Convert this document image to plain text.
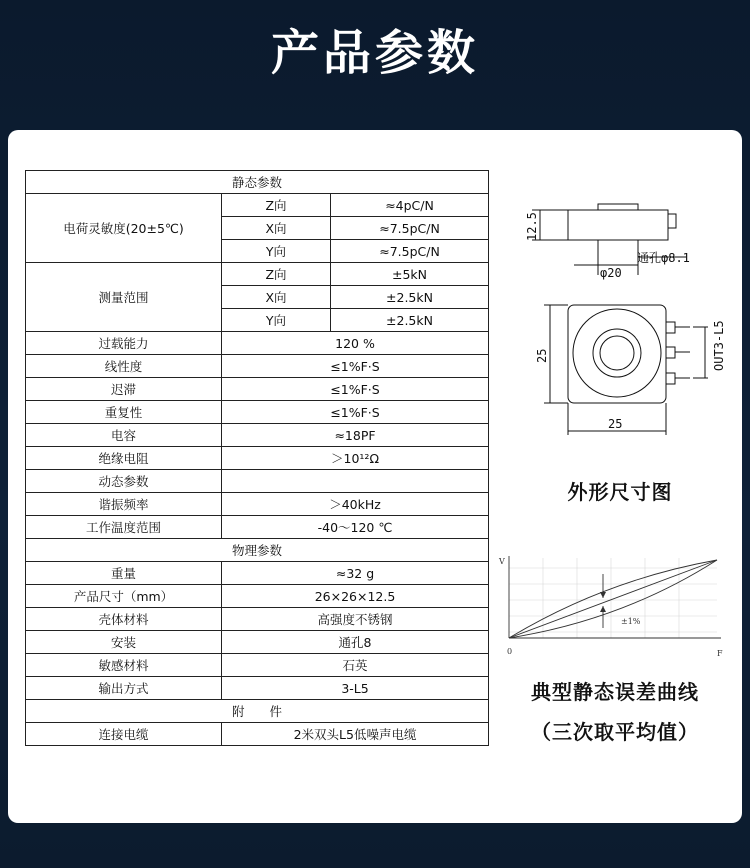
产品参数
静态参数		
电荷灵敏度(20±5℃)	Z向	≈4pC/N
	X向	≈7.5pC/N
	Y向	≈7.5pC/N
测量范围	Z向	±5kN
	X向	±2.5kN
	Y向	±2.5kN
过载能力	120 %	
线性度	≤1%F·S	
迟滞	≤1%F·S	
重复性	≤1%F·S	
电容	≈18PF	
绝缘电阻	＞10¹²Ω	
动态参数		
谐振频率	＞40kHz	
工作温度范围	-40～120 ℃	
物理参数		
重量	≈32 g	
产品尺寸（mm）	26×26×12.5	
壳体材料	高强度不锈钢	
安装	通孔8	
敏感材料	石英	
输出方式	3-L5	
附　　件		
连接电缆	2米双头L5低噪声电缆	
12.5
通孔φ8.1
φ20
25
25
OUT3-L5
外形尺寸图
V
F
0
±1%
典型静态误差曲线
（三次取平均值）
